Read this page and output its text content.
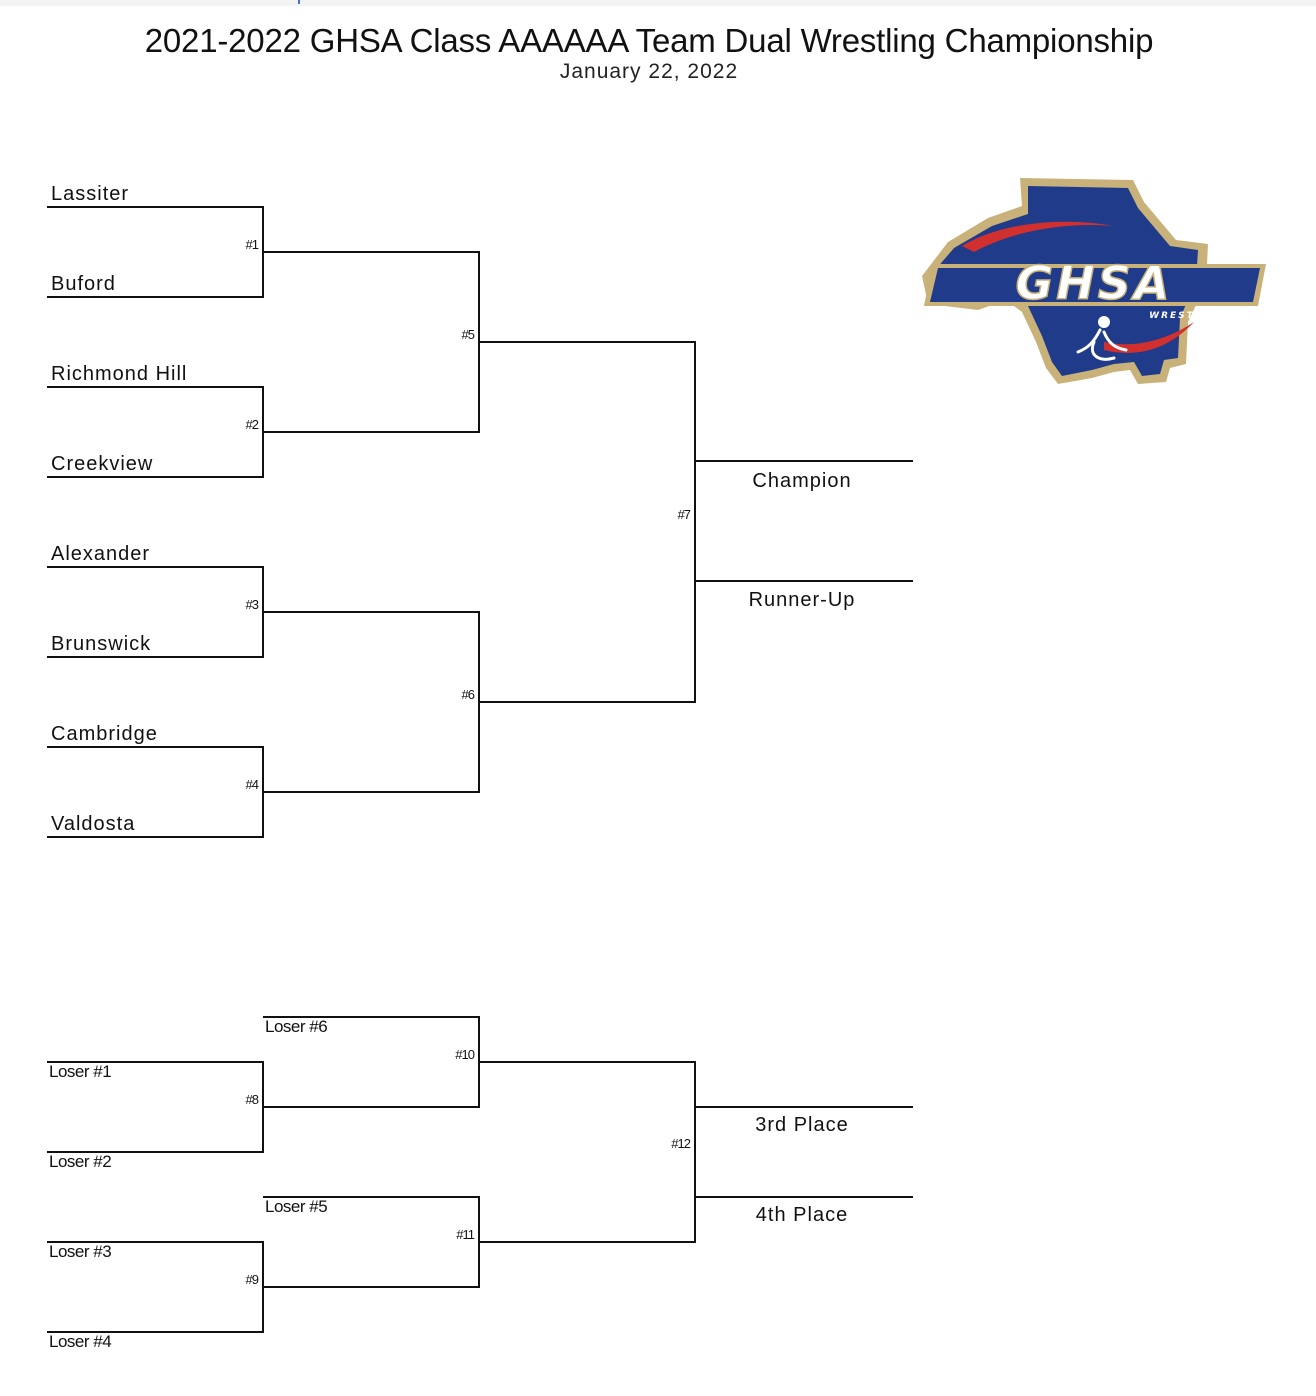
2021-2022 GHSA Class AAAAAA Team Dual Wrestling Championship
January 22, 2022
Lassiter
Buford
Richmond Hill
Creekview
Alexander
Brunswick
Cambridge
Valdosta
#1
#2
#3
#4
#5
#6
#7
Champion
Runner-Up
Loser #6
Loser #1
Loser #2
Loser #5
Loser #3
Loser #4
#8
#9
#10
#11
#12
3rd Place
4th Place
GHSA
WRESTLING
